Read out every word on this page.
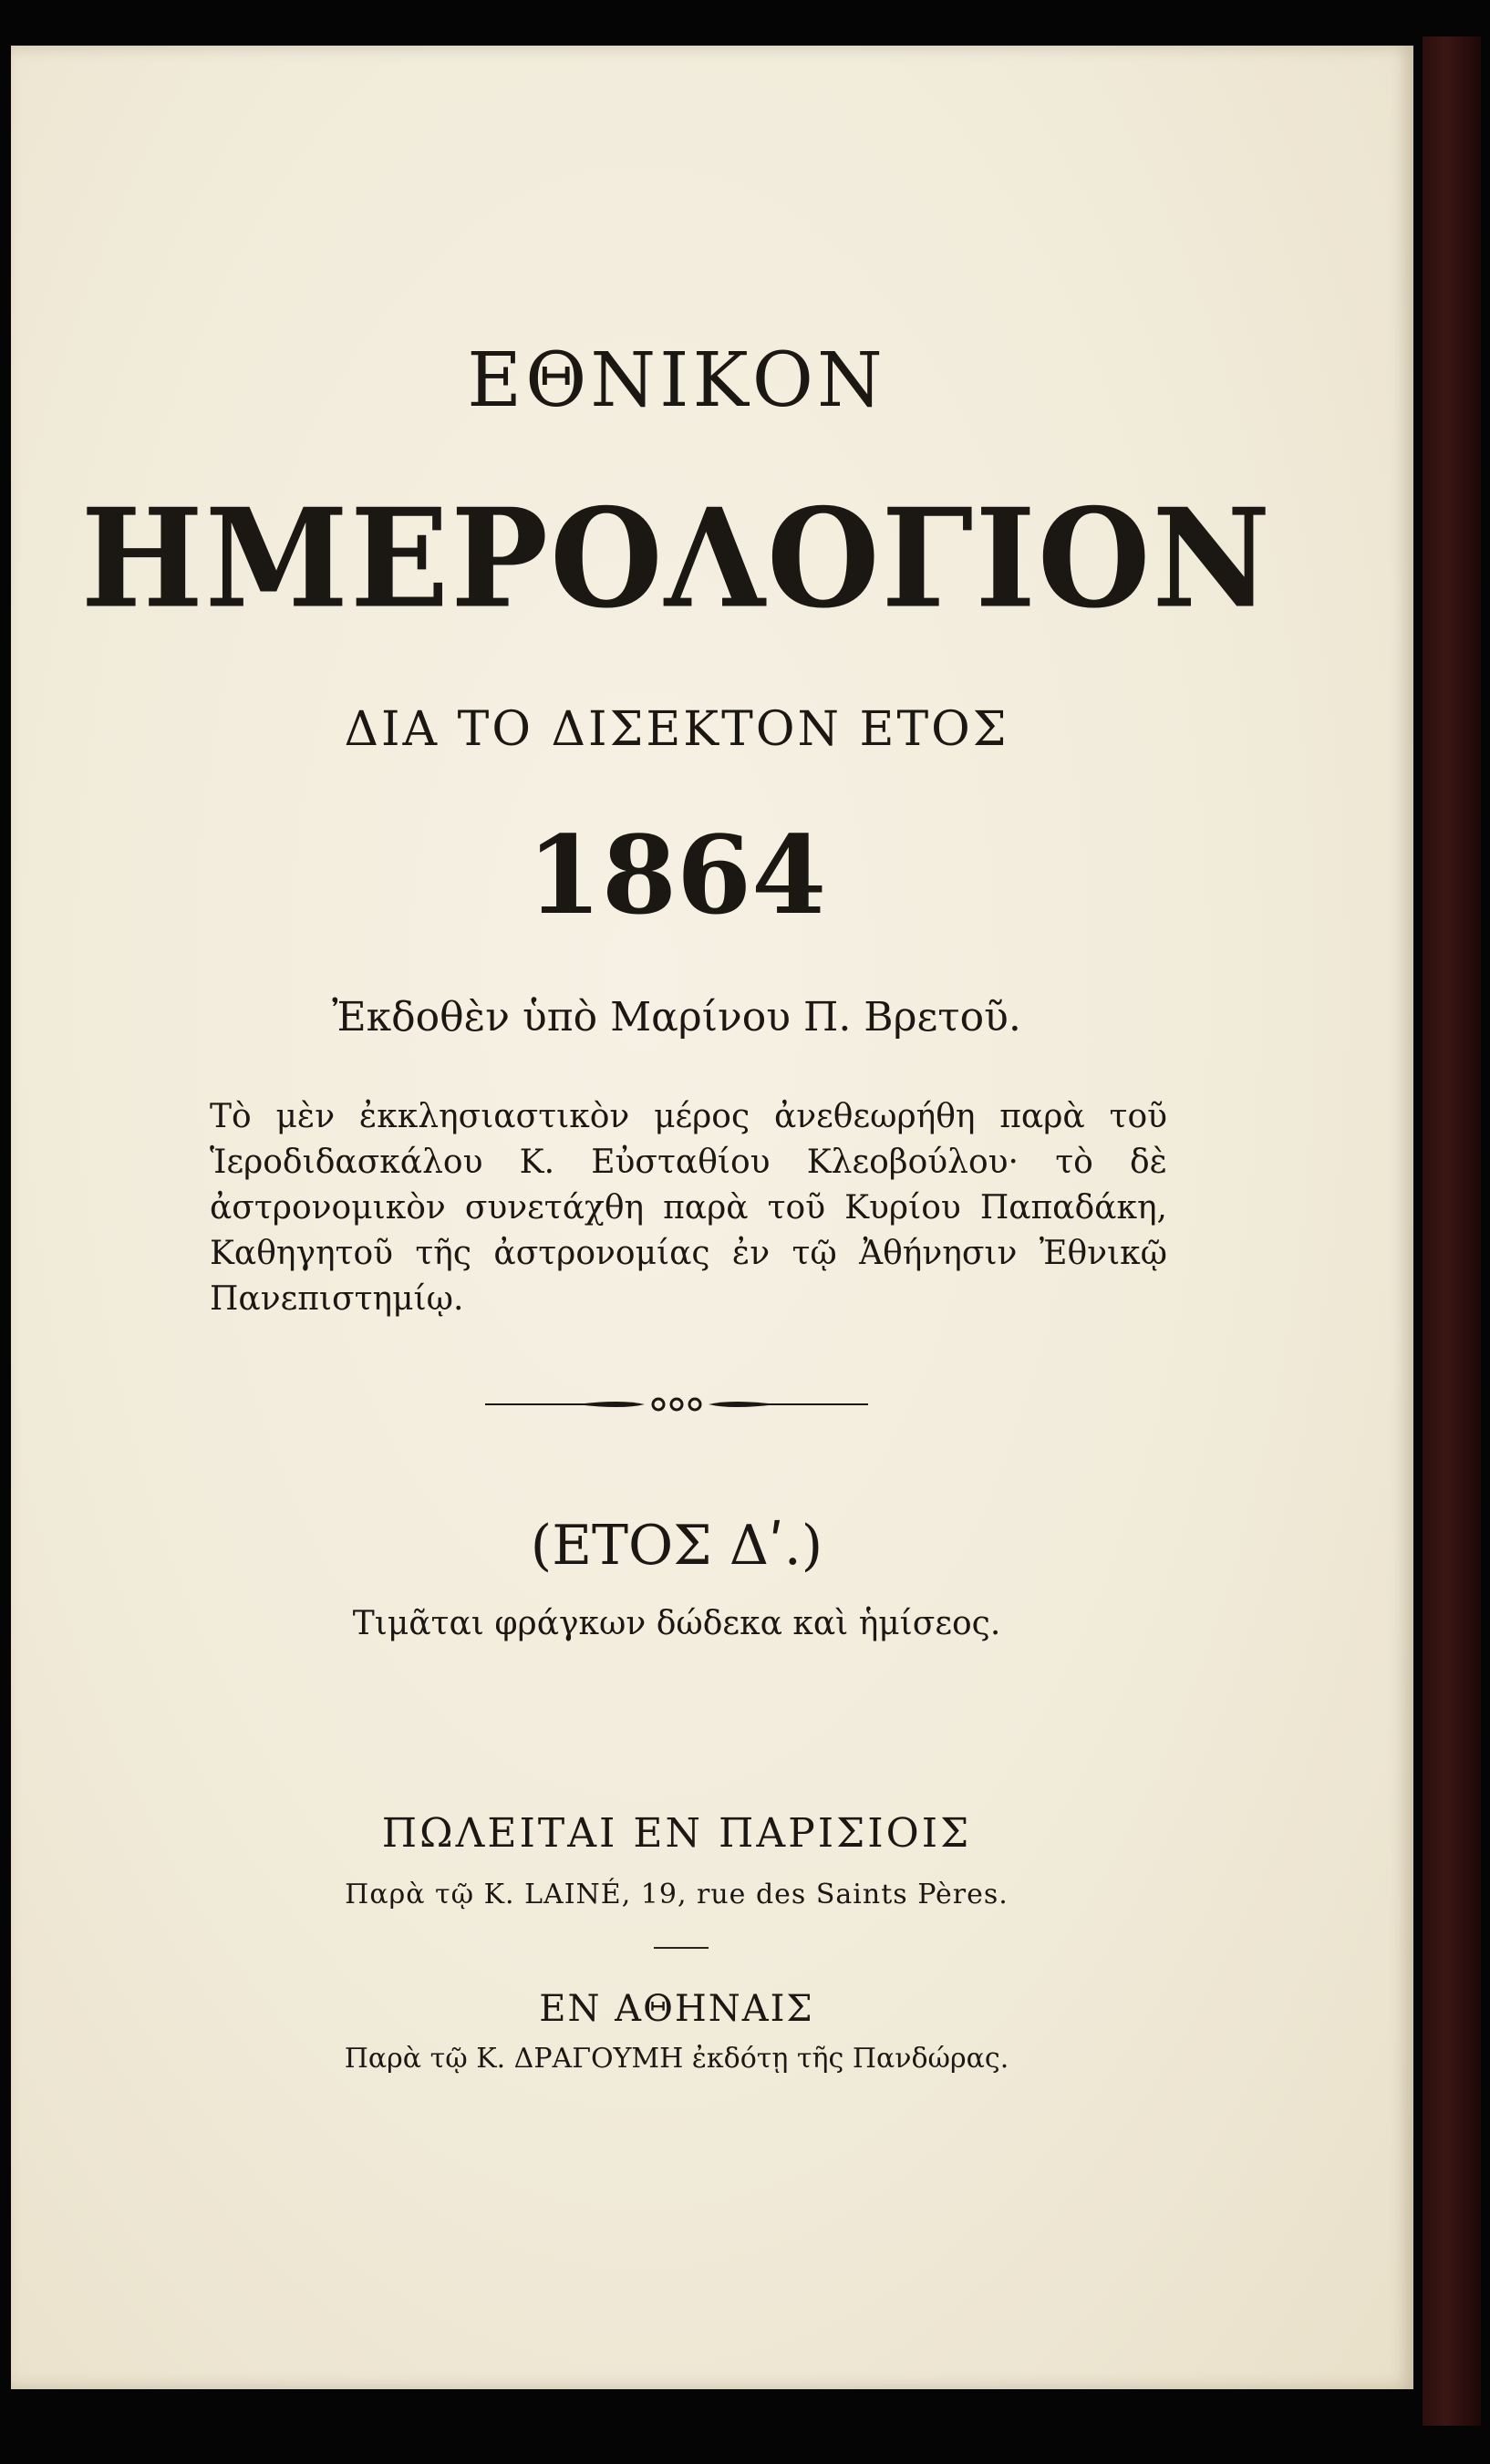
ΕΘΝΙΚΟΝ
ΗΜΕΡΟΛΟΓΙΟΝ
ΔΙΑ ΤΟ ΔΙΣΕΚΤΟΝ ΕΤΟΣ
1864
Ἐκδοθὲν ὑπὸ Μαρίνου Π. Βρετοῦ.
Τὸ μὲν ἐκκλησιαστικὸν μέρος ἀνεθεωρήθη παρὰ τοῦ Ἱεροδιδασκάλου Κ. Εὐσταθίου Κλεοβούλου· τὸ δὲ ἀστρονομικὸν συνετάχθη παρὰ τοῦ Κυρίου Παπαδάκη, Καθηγητοῦ τῆς ἀστρονομίας ἐν τῷ Ἀθήνησιν Ἐθνικῷ Πανεπιστημίῳ.
(ΕΤΟΣ Δʹ.)
Τιμᾶται φράγκων δώδεκα καὶ ἡμίσεος.
ΠΩΛΕΙΤΑΙ ΕΝ ΠΑΡΙΣΙΟΙΣ
Παρὰ τῷ Κ. LAINÉ, 19, rue des Saints Pères.
ΕΝ ΑΘΗΝΑΙΣ
Παρὰ τῷ Κ. ΔΡΑΓΟΥΜΗ ἐκδότῃ τῆς Πανδώρας.
